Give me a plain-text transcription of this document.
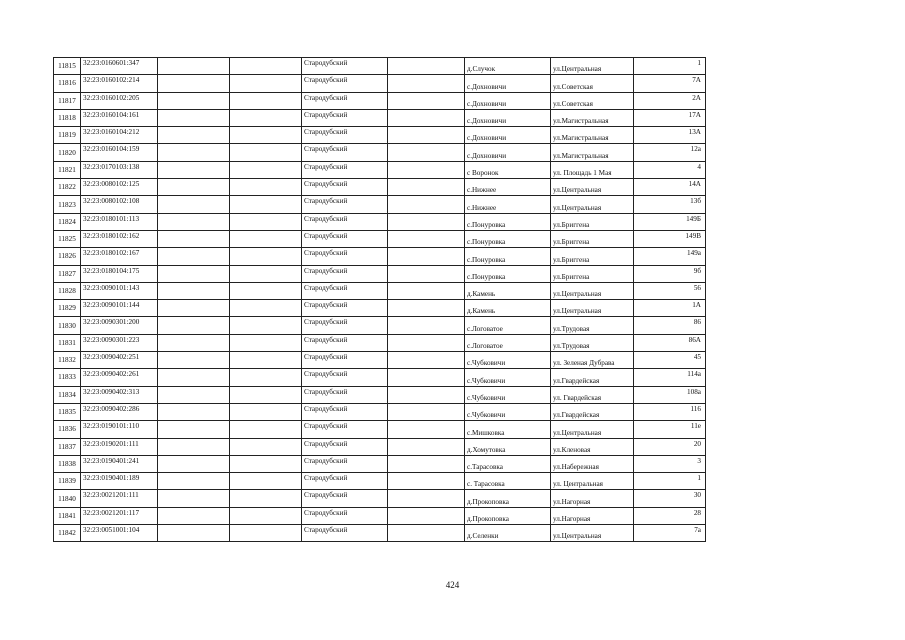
11815	32:23:0160601:347			Стародубский		д.Случок	ул.Центральная	1

11816	32:23:0160102:214			Стародубский		с.Дохновичи	ул.Советская	7А

11817	32:23:0160102:205			Стародубский		с.Дохновичи	ул.Советская	2А

11818	32:23:0160104:161			Стародубский		с.Дохновичи	ул.Магистральная	17А

11819	32:23:0160104:212			Стародубский		с.Дохновичи	ул.Магистральная	13А

11820	32:23:0160104:159			Стародубский		с.Дохновичи	ул.Магистральная	12а

11821	32:23:0170103:138			Стародубский		с Воронок	ул. Площадь 1 Мая	4

11822	32:23:0080102:125			Стародубский		с.Нижнее	ул.Центральная	14А

11823	32:23:0080102:108			Стародубский		с.Нижнее	ул.Центральная	13б

11824	32:23:0180101:113			Стародубский		с.Понуровка	ул.Бриггена	149Б

11825	32:23:0180102:162			Стародубский		с.Понуровка	ул.Бриггена	149В

11826	32:23:0180102:167			Стародубский		с.Понуровка	ул.Бриггена	149а

11827	32:23:0180104:175			Стародубский		с.Понуровка	ул.Бриггена	9б

11828	32:23:0090101:143			Стародубский		д.Камень	ул.Центральная	56

11829	32:23:0090101:144			Стародубский		д.Камень	ул.Центральная	1А

11830	32:23:0090301:200			Стародубский		с.Логоватое	ул.Трудовая	86

11831	32:23:0090301:223			Стародубский		с.Логоватое	ул.Трудовая	86А

11832	32:23:0090402:251			Стародубский		с.Чубковичи	ул. Зеленая Дубрава	45

11833	32:23:0090402:261			Стародубский		с.Чубковичи	ул.Гвардейская	114а

11834	32:23:0090402:313			Стародубский		с.Чубковичи	ул. Гвардейская	108а

11835	32:23:0090402:286			Стародубский		с.Чубковичи	ул.Гвардейская	116

11836	32:23:0190101:110			Стародубский		с.Мишковка	ул.Центральная	11е

11837	32:23:0190201:111			Стародубский		д.Хомутовка	ул.Кленовая	20

11838	32:23:0190401:241			Стародубский		с.Тарасовка	ул.Набережная	3

11839	32:23:0190401:189			Стародубский		с. Тарасовка	ул. Центральная	1

11840	32:23:0021201:111			Стародубский		д.Прокоповка	ул.Нагорная	30

11841	32:23:0021201:117			Стародубский		д.Прокоповка	ул.Нагорная	28

11842	32:23:0051001:104			Стародубский		д.Селенки	ул.Центральная	7а
424
